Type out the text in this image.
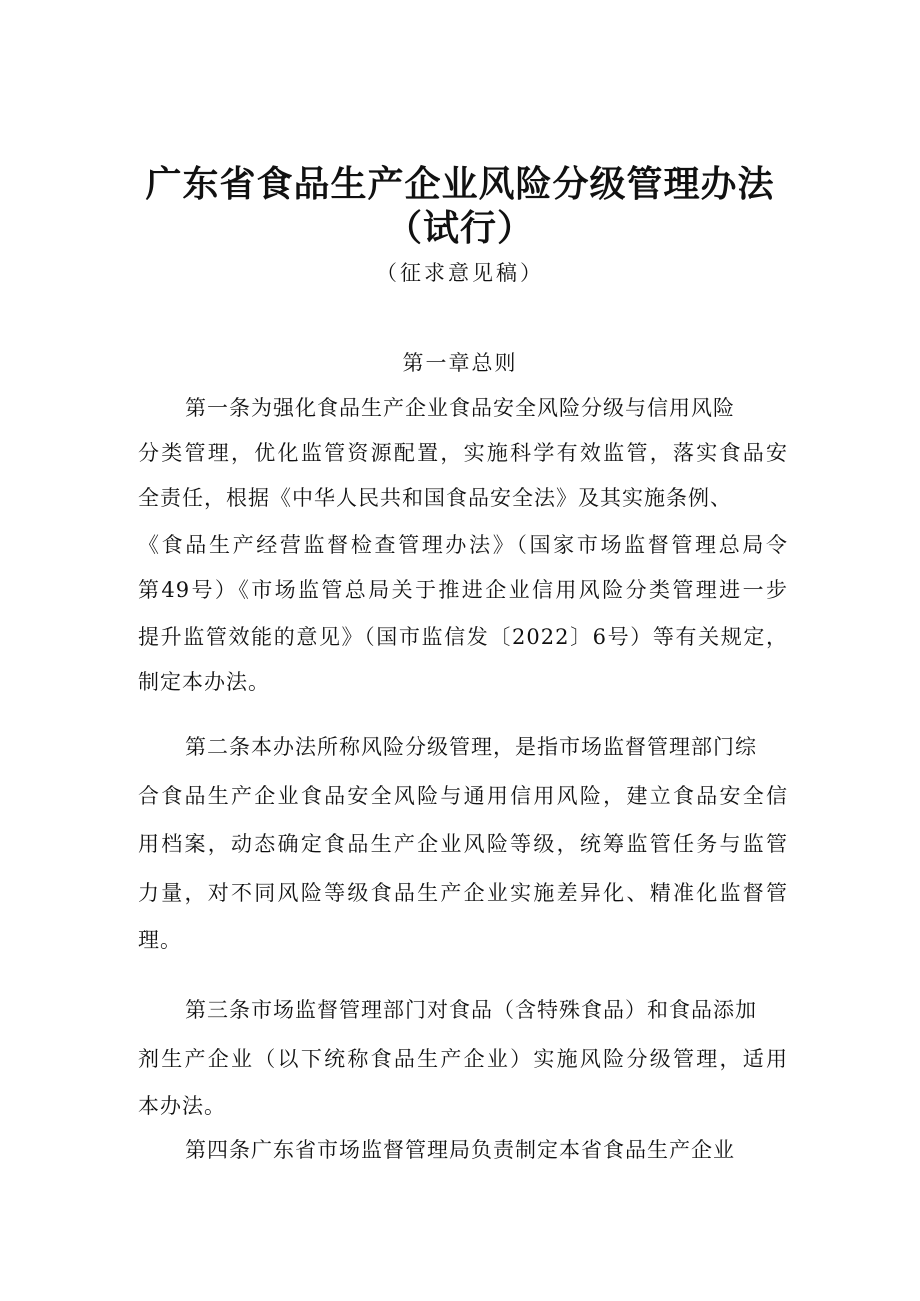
广东省食品生产企业风险分级管理办法
（试行）
（征求意见稿）
第一章总则
第一条为强化食品生产企业食品安全风险分级与信用风险
分类管理，优化监管资源配置，实施科学有效监管，落实食品安
全责任，根据《中华人民共和国食品安全法》及其实施条例、
《食品生产经营监督检查管理办法》（国家市场监督管理总局令
第49号）《市场监管总局关于推进企业信用风险分类管理进一步
提升监管效能的意见》（国市监信发〔2022〕6号）等有关规定，
制定本办法。
第二条本办法所称风险分级管理，是指市场监督管理部门综
合食品生产企业食品安全风险与通用信用风险，建立食品安全信
用档案，动态确定食品生产企业风险等级，统筹监管任务与监管
力量，对不同风险等级食品生产企业实施差异化、精准化监督管
理。
第三条市场监督管理部门对食品（含特殊食品）和食品添加
剂生产企业（以下统称食品生产企业）实施风险分级管理，适用
本办法。
第四条广东省市场监督管理局负责制定本省食品生产企业
